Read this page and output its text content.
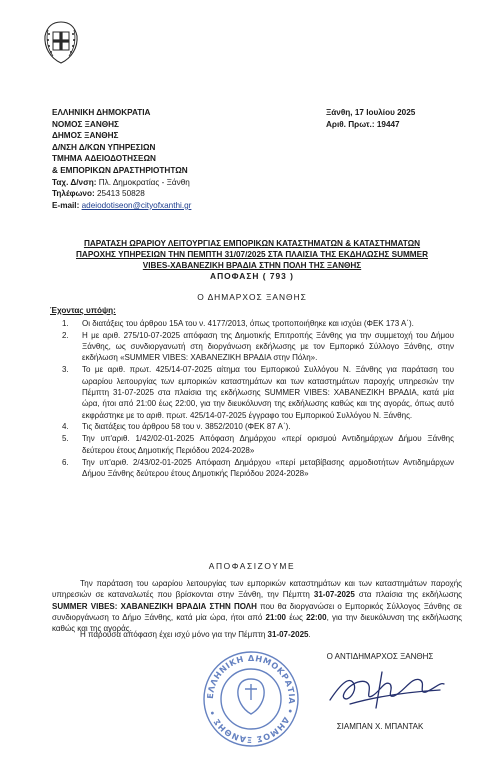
ΕΛΛΗΝΙΚΗ ΔΗΜΟΚΡΑΤΙΑ
ΝΟΜΟΣ ΞΑΝΘΗΣ
ΔΗΜΟΣ ΞΑΝΘΗΣ
Δ/ΝΣΗ Δ/ΚΩΝ ΥΠΗΡΕΣΙΩΝ
ΤΜΗΜΑ ΑΔΕΙΟΔΟΤΗΣΕΩΝ
& ΕΜΠΟΡΙΚΩΝ ΔΡΑΣΤΗΡΙΟΤΗΤΩΝ
Ταχ. Δ/νση: Πλ. Δημοκρατίας - Ξάνθη
Τηλέφωνο: 25413 50828
E-mail: adeiodotiseon@cityofxanthi.gr
Ξάνθη, 17 Ιουλίου 2025
Αριθ. Πρωτ.: 19447
ΠΑΡΑΤΑΣΗ ΩΡΑΡΙΟΥ ΛΕΙΤΟΥΡΓΙΑΣ ΕΜΠΟΡΙΚΩΝ ΚΑΤΑΣΤΗΜΑΤΩΝ & ΚΑΤΑΣΤΗΜΑΤΩΝ
ΠΑΡΟΧΗΣ ΥΠΗΡΕΣΙΩΝ ΤΗΝ ΠΕΜΠΤΗ 31/07/2025 ΣΤΑ ΠΛΑΙΣΙΑ ΤΗΣ ΕΚΔΗΛΩΣΗΣ SUMMER
VIBES-ΧΑΒΑΝΕΖΙΚΗ ΒΡΑΔΙΑ ΣΤΗΝ ΠΟΛΗ ΤΗΣ ΞΑΝΘΗΣ
ΑΠΟΦΑΣΗ ( 793 )
Ο ΔΗΜΑΡΧΟΣ ΞΑΝΘΗΣ
Έχοντας υπόψη:
1. Οι διατάξεις του άρθρου 15Α του ν. 4177/2013, όπως τροποποιήθηκε και ισχύει (ΦΕΚ 173 Α΄).
2. Η με αριθ. 275/10-07-2025 απόφαση της Δημοτικής Επιτροπής Ξάνθης για την συμμετοχή του Δήμου Ξάνθης, ως συνδιοργανωτή στη διοργάνωση εκδήλωσης με τον Εμπορικό Σύλλογο Ξάνθης, στην εκδήλωση «SUMMER VIBES: ΧΑΒΑΝΕΖΙΚΗ ΒΡΑΔΙΑ στην Πόλη».
3. Το με αριθ. πρωτ. 425/14-07-2025 αίτημα του Εμπορικού Συλλόγου Ν. Ξάνθης για παράταση του ωραρίου λειτουργίας των εμπορικών καταστημάτων και των καταστημάτων παροχής υπηρεσιών την Πέμπτη 31-07-2025 στα πλαίσια της εκδήλωσης SUMMER VIBES: ΧΑΒΑΝΕΖΙΚΗ ΒΡΑΔΙΑ, κατά μία ώρα, ήτοι από 21:00 έως 22:00, για την διευκόλυνση της εκδήλωσης καθώς και της αγοράς, όπως αυτό εκφράστηκε με το αριθ. πρωτ. 425/14-07-2025 έγγραφο του Εμπορικού Συλλόγου Ν. Ξάνθης.
4. Τις διατάξεις του άρθρου 58 του ν. 3852/2010 (ΦΕΚ 87 Α΄).
5. Την υπ'αριθ. 1/42/02-01-2025 Απόφαση Δημάρχου «περί ορισμού Αντιδημάρχων Δήμου Ξάνθης δεύτερου έτους Δημοτικής Περιόδου 2024-2028»
6. Την υπ'αριθ. 2/43/02-01-2025 Απόφαση Δημάρχου «περί μεταβίβασης αρμοδιοτήτων Αντιδημάρχων Δήμου Ξάνθης δεύτερου έτους Δημοτικής Περιόδου 2024-2028»
ΑΠΟΦΑΣΙΖΟΥΜΕ
Την παράταση του ωραρίου λειτουργίας των εμπορικών καταστημάτων και των καταστημάτων παροχής υπηρεσιών σε καταναλωτές που βρίσκονται στην Ξάνθη, την Πέμπτη 31-07-2025 στα πλαίσια της εκδήλωσης SUMMER VIBES: ΧΑΒΑΝΕΖΙΚΗ ΒΡΑΔΙΑ ΣΤΗΝ ΠΟΛΗ που θα διοργανώσει ο Εμπορικός Σύλλογος Ξάνθης σε συνδιοργάνωση το Δήμο Ξάνθης, κατά μία ώρα, ήτοι από 21:00 έως 22:00, για την διευκόλυνση της εκδήλωσης καθώς και της αγοράς.
Η παρούσα απόφαση έχει ισχύ μόνο για την Πέμπτη 31-07-2025.
ΕΛΛΗΝΙΚΗ ΔΗΜΟΚΡΑΤΙΑ • ΔΗΜΟΣ ΞΑΝΘΗΣ •
Ο ΑΝΤΙΔΗΜΑΡΧΟΣ ΞΑΝΘΗΣ
ΣΙΑΜΠΑΝ Χ. ΜΠΑΝΤΑΚ
